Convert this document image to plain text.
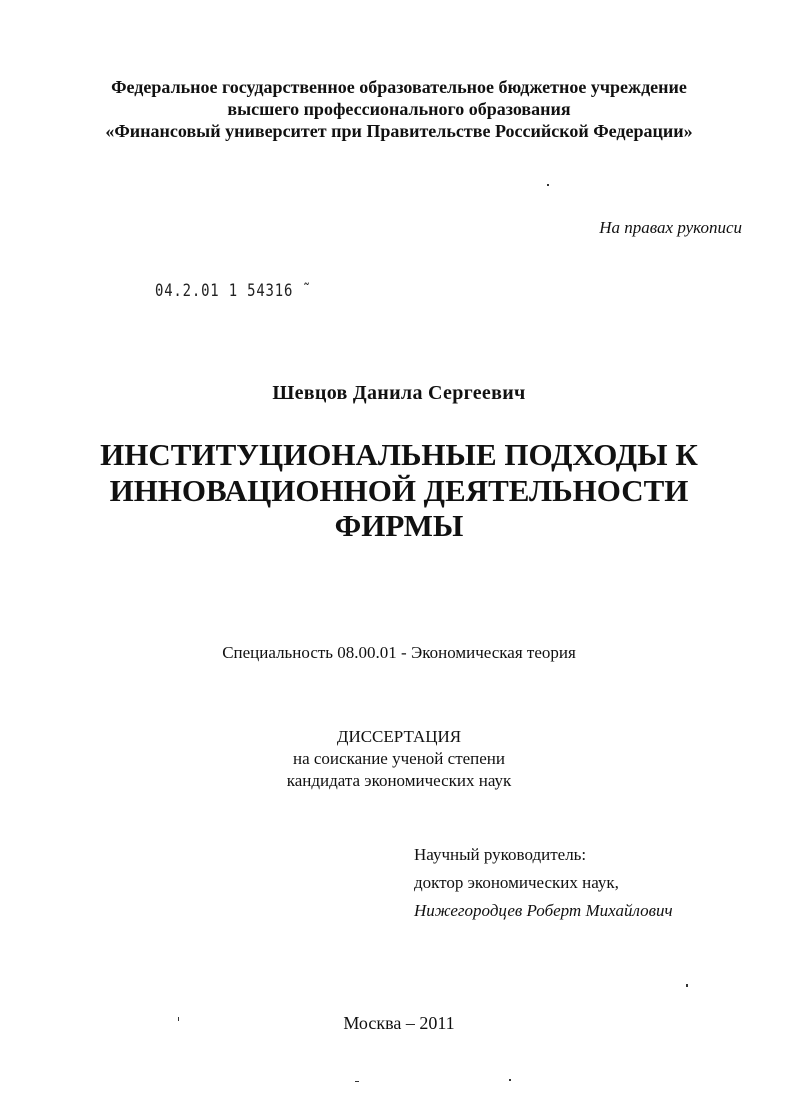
Федеральное государственное образовательное бюджетное учреждение
высшего профессионального образования
«Финансовый университет при Правительстве Российской Федерации»
На правах рукописи
04.2.01 1 54316 ˜
Шевцов Данила Сергеевич
ИНСТИТУЦИОНАЛЬНЫЕ ПОДХОДЫ К
ИННОВАЦИОННОЙ ДЕЯТЕЛЬНОСТИ
ФИРМЫ
Специальность 08.00.01 - Экономическая теория
ДИССЕРТАЦИЯ
на соискание ученой степени
кандидата экономических наук
Научный руководитель:
доктор экономических наук,
Нижегородцев Роберт Михайлович
Москва – 2011
